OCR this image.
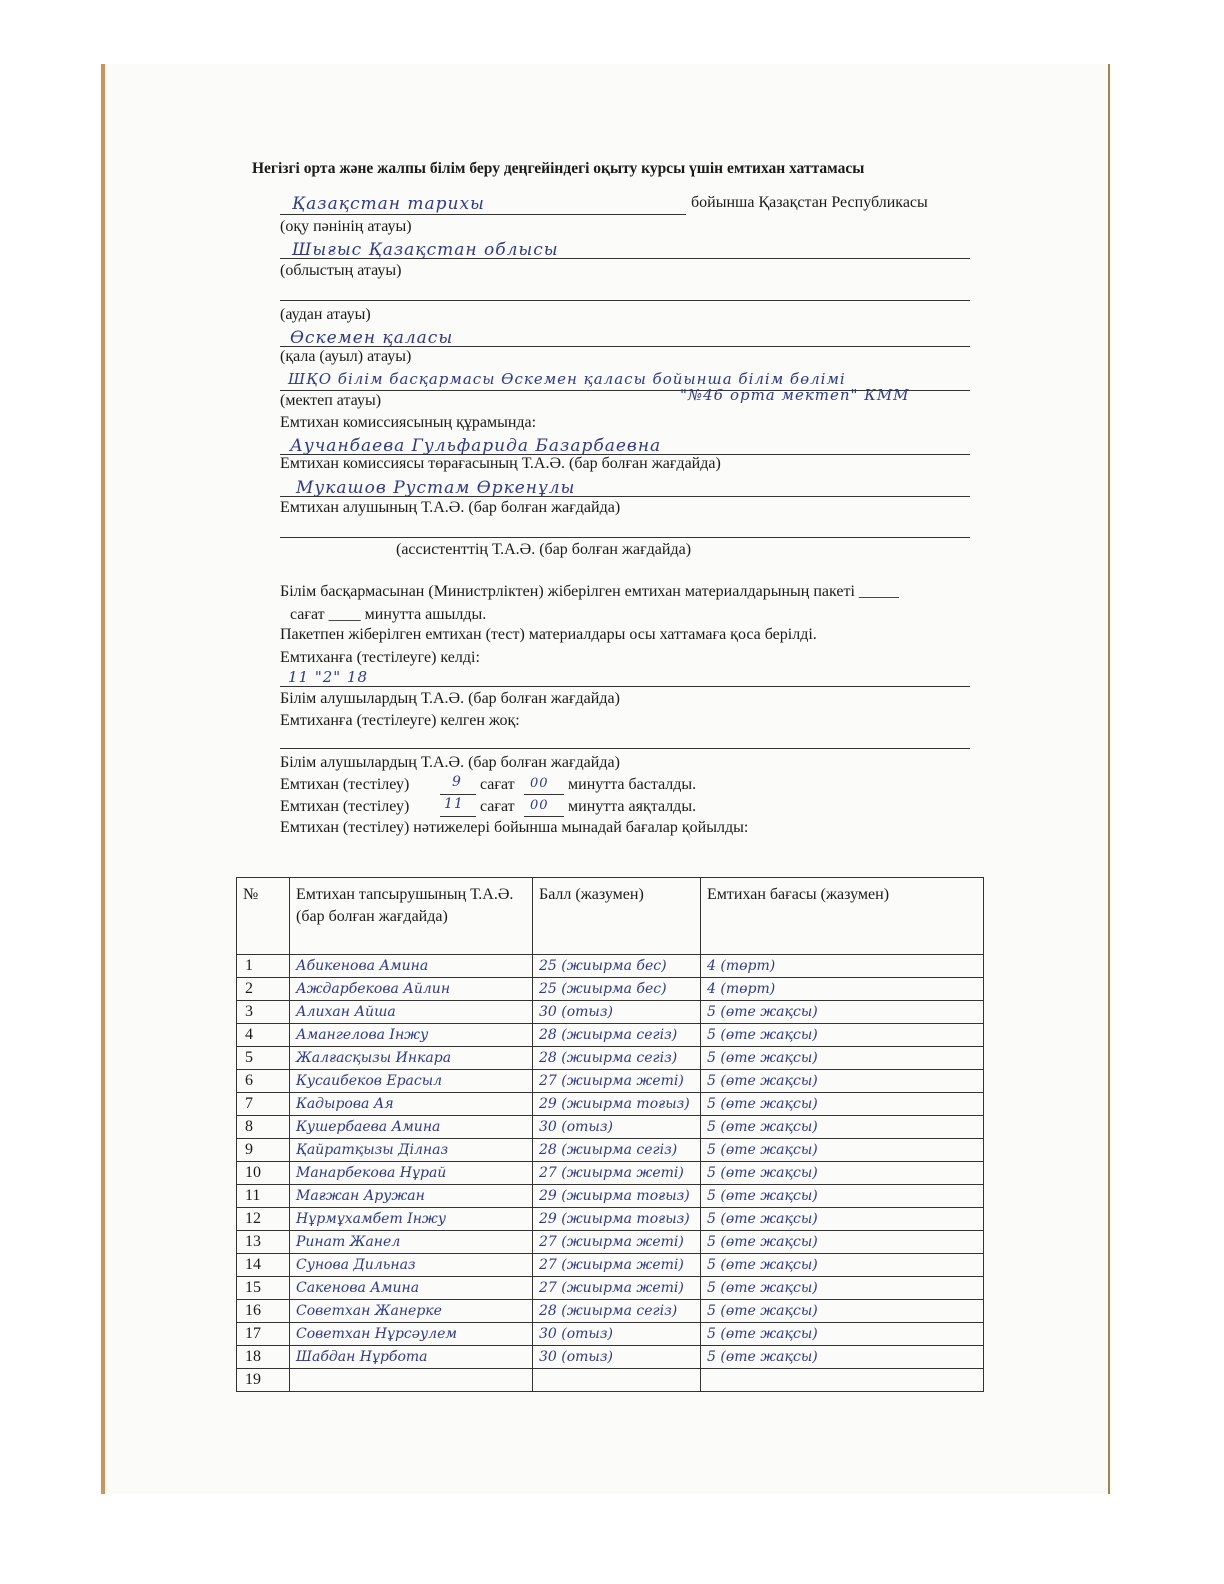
Негізгі орта және жалпы білім беру деңгейіндегі оқыту курсы үшін емтихан хаттамасы
Қазақстан тарихы	бойынша Қазақстан Республикасы
(оқу пәнінің атауы)
Шығыс Қазақстан облысы
(облыстың атауы)
(аудан атауы)
Өскемен қаласы
(қала (ауыл) атауы)
ШҚО білім басқармасы Өскемен қаласы бойынша білім бөлімі
"№46 орта мектеп" КММ
(мектеп атауы)
Емтихан комиссиясының құрамында:
Аучанбаева Гульфарида Базарбаевна
Емтихан комиссиясы төрағасының Т.А.Ә. (бар болған жағдайда)
Мукашов Рустам Өркенұлы
Емтихан алушының Т.А.Ә. (бар болған жағдайда)
(ассистенттің Т.А.Ә. (бар болған жағдайда)
Білім басқармасынан (Министрліктен) жіберілген емтихан материалдарының пакеті _____
сағат ____ минутта ашылды.
Пакетпен жіберілген емтихан (тест) материалдары осы хаттамаға қоса берілді.
Емтиханға (тестілеуге) келді:
11 "2" 18
Білім алушылардың Т.А.Ә. (бар болған жағдайда)
Емтиханға (тестілеуге) келген жоқ:
Білім алушылардың Т.А.Ә. (бар болған жағдайда)
Емтихан (тестілеу)	9 сағат 00 минутта басталды.
Емтихан (тестілеу) 11 сағат 00 минутта аяқталды.
Емтихан (тестілеу) нәтижелері бойынша мынадай бағалар қойылды:
№	Емтихан тапсырушының Т.А.Ә. (бар болған жағдайда)	Балл (жазумен)	Емтихан бағасы (жазумен)
1	Абикенова Амина	25 (жиырма бес)	4 (төрт)
2	Аждарбекова Айлин	25 (жиырма бес)	4 (төрт)
3	Алихан Айша	30 (отыз)	5 (өте жақсы)
4	Амангелова Інжу	28 (жиырма сегіз)	5 (өте жақсы)
5	Жалғасқызы Инкара	28 (жиырма сегіз)	5 (өте жақсы)
6	Кусаибеков Ерасыл	27 (жиырма жеті)	5 (өте жақсы)
7	Кадырова Ая	29 (жиырма тоғыз)	5 (өте жақсы)
8	Кушербаева Амина	30 (отыз)	5 (өте жақсы)
9	Қайратқызы Ділназ	28 (жиырма сегіз)	5 (өте жақсы)
10	Манарбекова Нұрай	27 (жиырма жеті)	5 (өте жақсы)
11	Мағжан Аружан	29 (жиырма тоғыз)	5 (өте жақсы)
12	Нұрмұхамбет Інжу	29 (жиырма тоғыз)	5 (өте жақсы)
13	Ринат Жанел	27 (жиырма жеті)	5 (өте жақсы)
14	Сунова Дильназ	27 (жиырма жеті)	5 (өте жақсы)
15	Сакенова Амина	27 (жиырма жеті)	5 (өте жақсы)
16	Советхан Жанерке	28 (жиырма сегіз)	5 (өте жақсы)
17	Советхан Нұрсәулем	30 (отыз)	5 (өте жақсы)
18	Шабдан Нұрбота	30 (отыз)	5 (өте жақсы)
19			
